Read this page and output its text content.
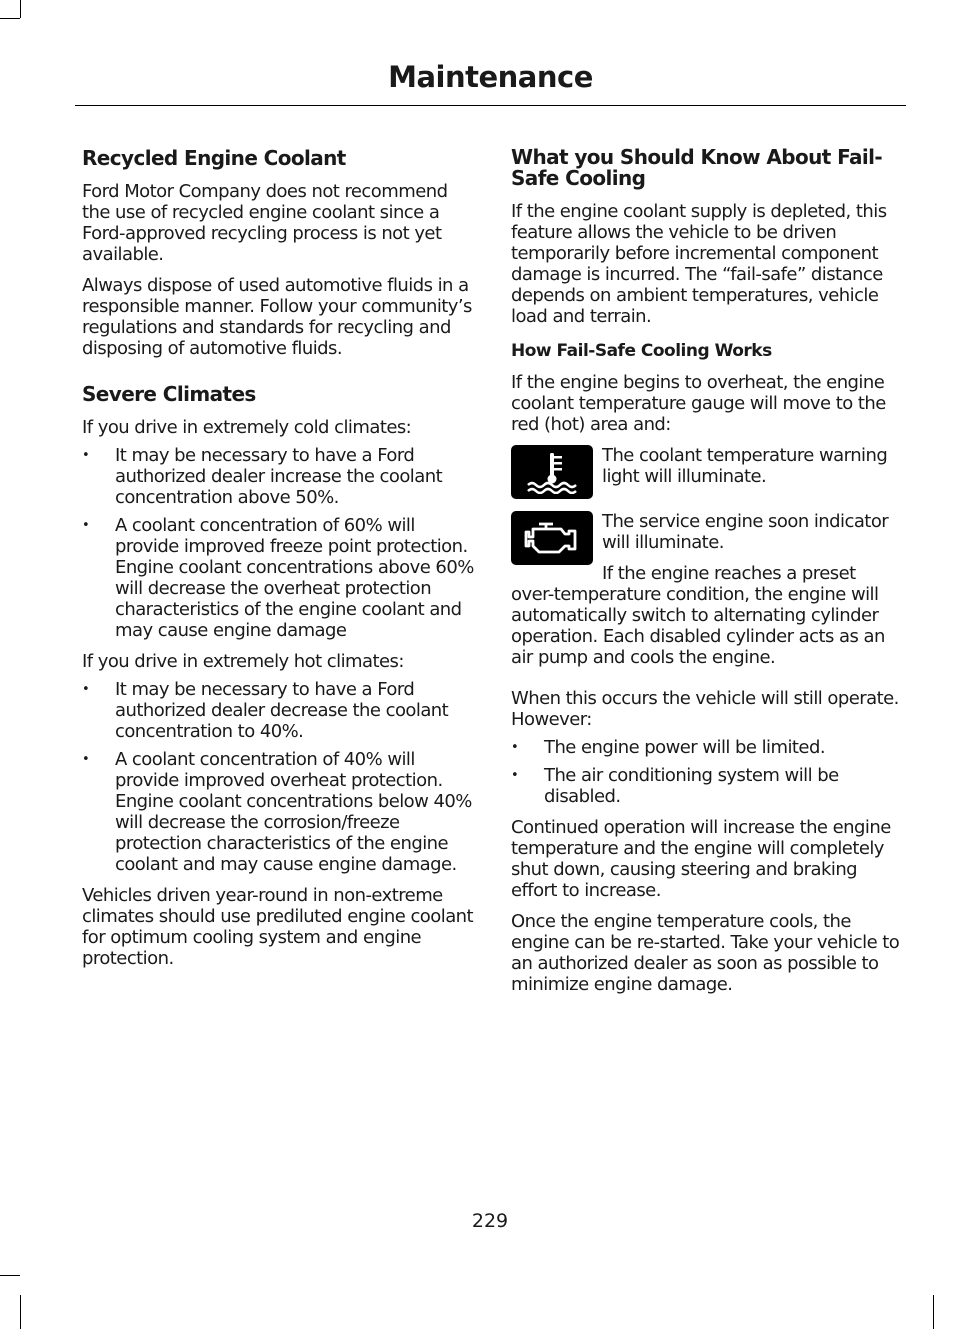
Maintenance
Recycled Engine Coolant

Ford Motor Company does not recommend the use of recycled engine coolant since a Ford-approved recycling process is not yet available.

Always dispose of used automotive fluids in a responsible manner. Follow your community’s regulations and standards for recycling and disposing of automotive fluids.

Severe Climates

If you drive in extremely cold climates:

• It may be necessary to have a Ford authorized dealer increase the coolant concentration above 50%.
• A coolant concentration of 60% will provide improved freeze point protection. Engine coolant concentrations above 60% will decrease the overheat protection characteristics of the engine coolant and may cause engine damage

If you drive in extremely hot climates:

• It may be necessary to have a Ford authorized dealer decrease the coolant concentration to 40%.
• A coolant concentration of 40% will provide improved overheat protection. Engine coolant concentrations below 40% will decrease the corrosion/freeze protection characteristics of the engine coolant and may cause engine damage.

Vehicles driven year-round in non-extreme climates should use prediluted engine coolant for optimum cooling system and engine protection.

What you Should Know About Fail-Safe Cooling

If the engine coolant supply is depleted, this feature allows the vehicle to be driven temporarily before incremental component damage is incurred. The “fail-safe” distance depends on ambient temperatures, vehicle load and terrain.

How Fail-Safe Cooling Works

If the engine begins to overheat, the engine coolant temperature gauge will move to the red (hot) area and:

The coolant temperature warning light will illuminate.

The service engine soon indicator will illuminate.

If the engine reaches a preset over-temperature condition, the engine will automatically switch to alternating cylinder operation. Each disabled cylinder acts as an air pump and cools the engine.

When this occurs the vehicle will still operate. However:

• The engine power will be limited.
• The air conditioning system will be disabled.

Continued operation will increase the engine temperature and the engine will completely shut down, causing steering and braking effort to increase.

Once the engine temperature cools, the engine can be re-started. Take your vehicle to an authorized dealer as soon as possible to minimize engine damage.

229
